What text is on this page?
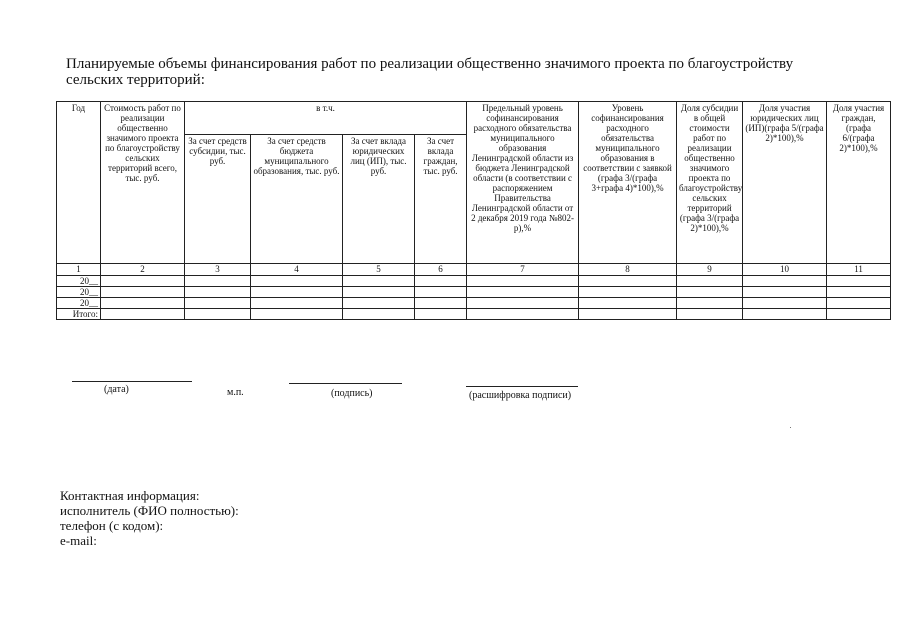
Планируемые объемы финансирования работ по реализации общественно значимого проекта по благоустройству сельских территорий:
Год	Стоимость работ по реализации общественно значимого проекта по благоустройству сельских территорий всего, тыс. руб.	в т.ч.				Предельный уровень софинансирования расходного обязательства муниципального образования Ленинградской области из бюджета Ленинградской области (в соответствии с распоряжением Правительства Ленинградской области от 2 декабря 2019 года №802-р),%	Уровень софинансирования расходного обязательства муниципального образования в соответствии с заявкой (графа 3/(графа 3+графа 4)*100),%	Доля субсидии в общей стоимости работ по реализации общественно значимого проекта по благоустройству сельских территорий (графа 3/(графа 2)*100),%	Доля участия юридических лиц (ИП)(графа 5/(графа 2)*100),%	Доля участия граждан, (графа 6/(графа 2)*100),%
		За счет средств субсидии, тыс. руб.	За счет средств бюджета муниципального образования, тыс. руб.	За счет вклада юридических лиц (ИП), тыс. руб.	За счет вклада граждан, тыс. руб.					
1	2	3	4	5	6	7	8	9	10	11
20__										
20__										
20__										
Итого:										
(дата)	м.п.	(подпись)	(расшифровка подписи)
Контактная информация:
исполнитель (ФИО полностью):
телефон (с кодом):
e-mail:
